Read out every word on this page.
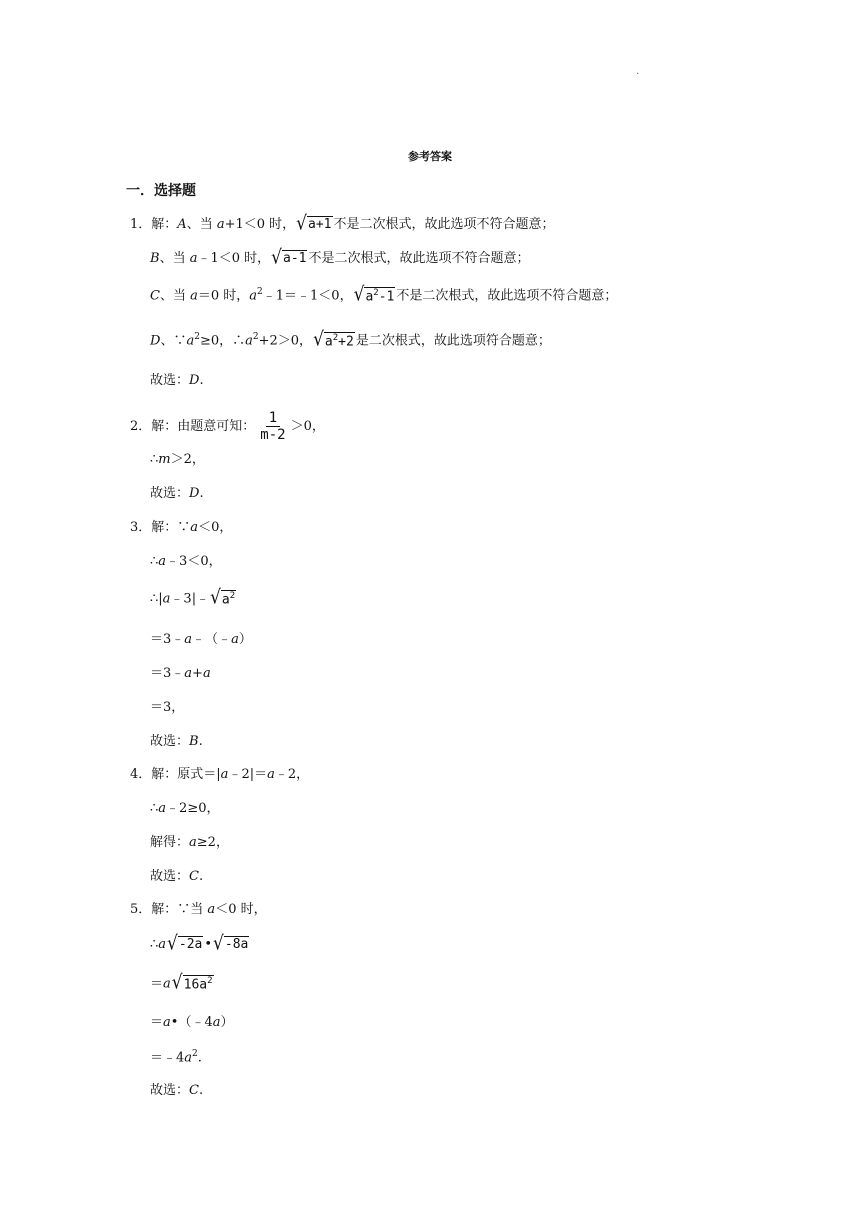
.
参考答案
一．选择题
1．解：A、当 a+1＜0 时， √ a+1 不是二次根式，故此选项不符合题意；
B、当 a﹣1＜0 时， √ a-1 不是二次根式，故此选项不符合题意；
C、当 a＝0 时，$a^2﹣1=﹣1<0$， √ $a^2-1$ 不是二次根式，故此选项不符合题意；
D、$\because a^2\ge 0$，$\therefore a^2+2>0$， √ $a^2+2$ 是二次根式，故此选项符合题意；
故选：D.
2．解：由题意可知： $\frac{1}{m-2} >0$，
∴m＞2，
故选：D.
3．解：∵a＜0，
∴a﹣3＜0，
∴|a﹣3|﹣ √ $a^2$
＝3﹣a﹣（﹣a）
＝3﹣a+a
＝3，
故选：B.
4．解：原式＝|a﹣2|＝a﹣2，
∴a﹣2≥0，
解得：a≥2，
故选：C.
5．解：∵当 a＜0 时，
∴a √ -2a • √ -8a
＝a √ $16a^2$
＝a•（﹣4a）
$=﹣4a^2$.
故选：C.
